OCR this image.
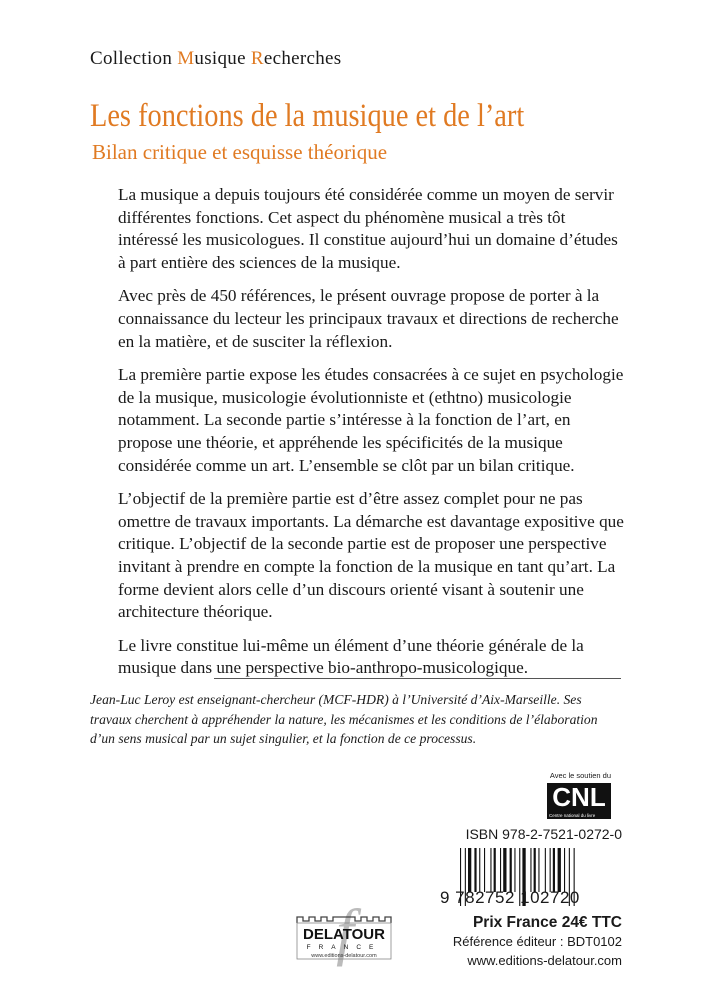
Collection Musique Recherches
Les fonctions de la musique et de l’art
Bilan critique et esquisse théorique

La musique a depuis toujours été considérée comme un moyen de servir différentes fonctions. Cet aspect du phénomène musical a très tôt intéressé les musicologues. Il constitue aujourd’hui un domaine d’études à part entière des sciences de la musique.

Avec près de 450 références, le présent ouvrage propose de porter à la connaissance du lecteur les principaux travaux et directions de recherche en la matière, et de susciter la réflexion.

La première partie expose les études consacrées à ce sujet en psychologie de la musique, musicologie évolutionniste et (ethtno) musicologie notamment. La seconde partie s’intéresse à la fonction de l’art, en propose une théorie, et appréhende les spécificités de la musique considérée comme un art. L’ensemble se clôt par un bilan critique.

L’objectif de la première partie est d’être assez complet pour ne pas omettre de travaux importants. La démarche est davantage expositive que critique. L’objectif de la seconde partie est de proposer une perspective invitant à prendre en compte la fonction de la musique en tant qu’art. La forme devient alors celle d’un discours orienté visant à soutenir une architecture théorique.

Le livre constitue lui-même un élément d’une théorie générale de la musique dans une perspective bio-anthropo-musicologique.

Jean-Luc Leroy est enseignant-chercheur (MCF-HDR) à l’Université d’Aix-Marseille. Ses travaux cherchent à appréhender la nature, les mécanismes et les conditions de l’élaboration d’un sens musical par un sujet singulier, et la fonction de ce processus.
Avec le soutien du
CNL
Centre national du livre
ISBN 978-2-7521-0272-0
9 782752 102720
f
DELATOUR
FRANCE
www.editions-delatour.com
Prix France 24€ TTC
Référence éditeur : BDT0102
www.editions-delatour.com
